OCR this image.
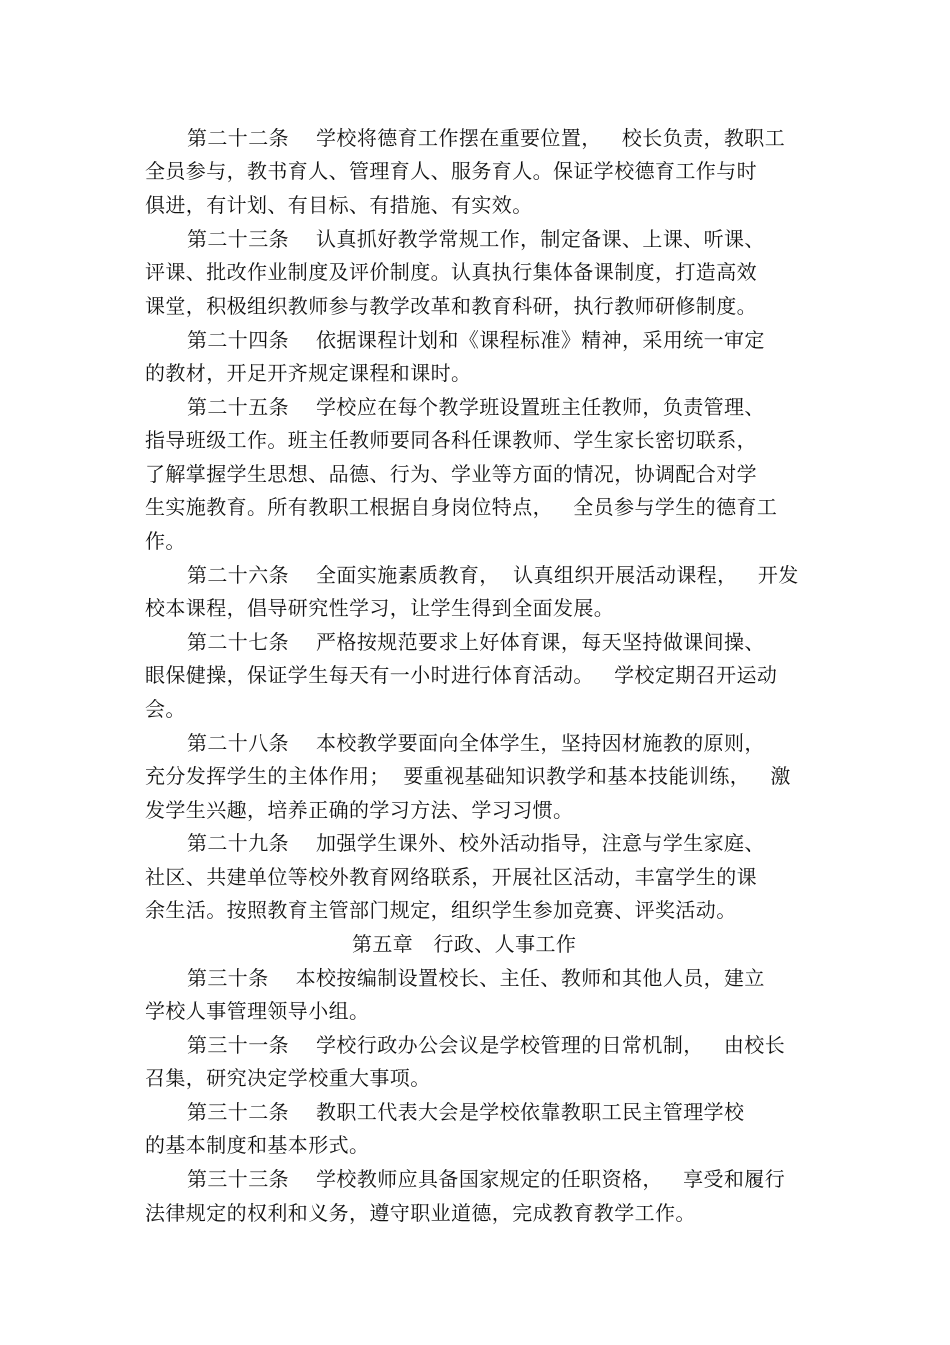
第二十二条    学校将德育工作摆在重要位置，   校长负责，教职工
全员参与，教书育人、管理育人、服务育人。保证学校德育工作与时
俱进，有计划、有目标、有措施、有实效。
第二十三条    认真抓好教学常规工作，制定备课、上课、听课、
评课、批改作业制度及评价制度。认真执行集体备课制度，打造高效
课堂，积极组织教师参与教学改革和教育科研，执行教师研修制度。
第二十四条    依据课程计划和《课程标准》精神，采用统一审定
的教材，开足开齐规定课程和课时。
第二十五条    学校应在每个教学班设置班主任教师，负责管理、
指导班级工作。班主任教师要同各科任课教师、学生家长密切联系，
了解掌握学生思想、品德、行为、学业等方面的情况，协调配合对学
生实施教育。所有教职工根据自身岗位特点，   全员参与学生的德育工
作。
第二十六条    全面实施素质教育，  认真组织开展活动课程，   开发
校本课程，倡导研究性学习，让学生得到全面发展。
第二十七条    严格按规范要求上好体育课，每天坚持做课间操、
眼保健操，保证学生每天有一小时进行体育活动。   学校定期召开运动
会。
第二十八条    本校教学要面向全体学生，坚持因材施教的原则，
充分发挥学生的主体作用；  要重视基础知识教学和基本技能训练，   激
发学生兴趣，培养正确的学习方法、学习习惯。
第二十九条    加强学生课外、校外活动指导，注意与学生家庭、
社区、共建单位等校外教育网络联系，开展社区活动，丰富学生的课
余生活。按照教育主管部门规定，组织学生参加竞赛、评奖活动。
第五章   行政、人事工作
第三十条    本校按编制设置校长、主任、教师和其他人员，建立
学校人事管理领导小组。
第三十一条    学校行政办公会议是学校管理的日常机制，   由校长
召集，研究决定学校重大事项。
第三十二条    教职工代表大会是学校依靠教职工民主管理学校
的基本制度和基本形式。
第三十三条    学校教师应具备国家规定的任职资格，   享受和履行
法律规定的权利和义务，遵守职业道德，完成教育教学工作。
